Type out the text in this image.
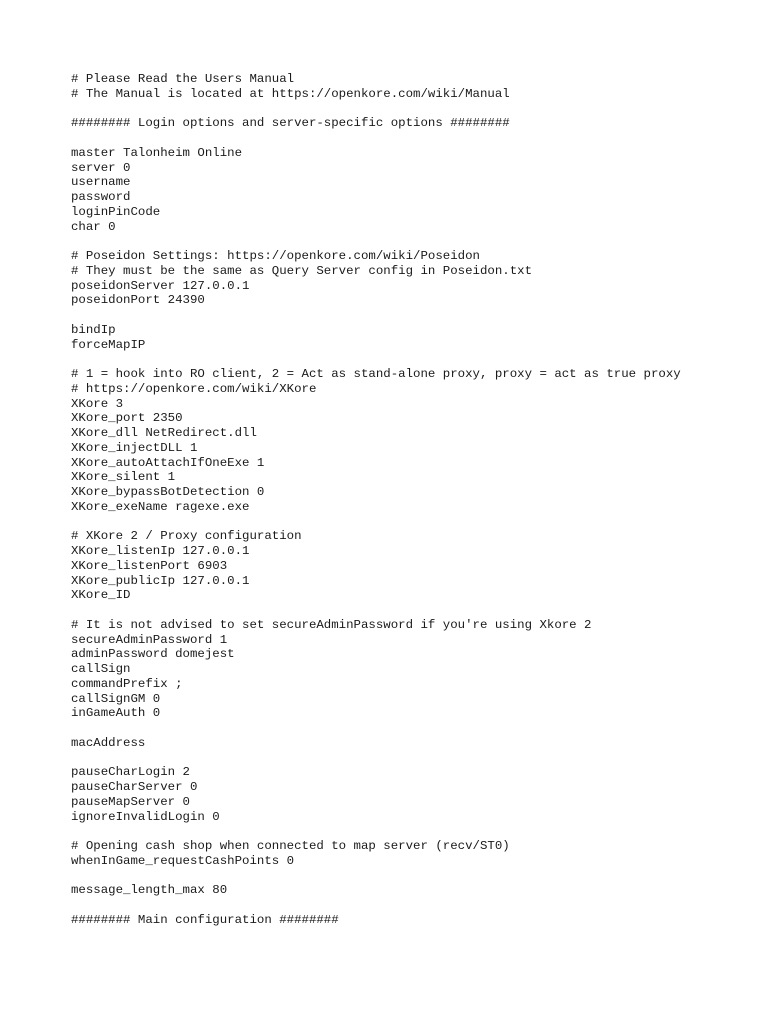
# Please Read the Users Manual
# The Manual is located at https://openkore.com/wiki/Manual
######## Login options and server-specific options ########
master Talonheim Online
server 0
username
password
loginPinCode
char 0
# Poseidon Settings: https://openkore.com/wiki/Poseidon
# They must be the same as Query Server config in Poseidon.txt
poseidonServer 127.0.0.1
poseidonPort 24390
bindIp
forceMapIP
# 1 = hook into RO client, 2 = Act as stand-alone proxy, proxy = act as true proxy
# https://openkore.com/wiki/XKore
XKore 3
XKore_port 2350
XKore_dll NetRedirect.dll
XKore_injectDLL 1
XKore_autoAttachIfOneExe 1
XKore_silent 1
XKore_bypassBotDetection 0
XKore_exeName ragexe.exe
# XKore 2 / Proxy configuration
XKore_listenIp 127.0.0.1
XKore_listenPort 6903
XKore_publicIp 127.0.0.1
XKore_ID
# It is not advised to set secureAdminPassword if you're using Xkore 2
secureAdminPassword 1
adminPassword domejest
callSign
commandPrefix ;
callSignGM 0
inGameAuth 0
macAddress
pauseCharLogin 2
pauseCharServer 0
pauseMapServer 0
ignoreInvalidLogin 0
# Opening cash shop when connected to map server (recv/ST0)
whenInGame_requestCashPoints 0
message_length_max 80
######## Main configuration ########
